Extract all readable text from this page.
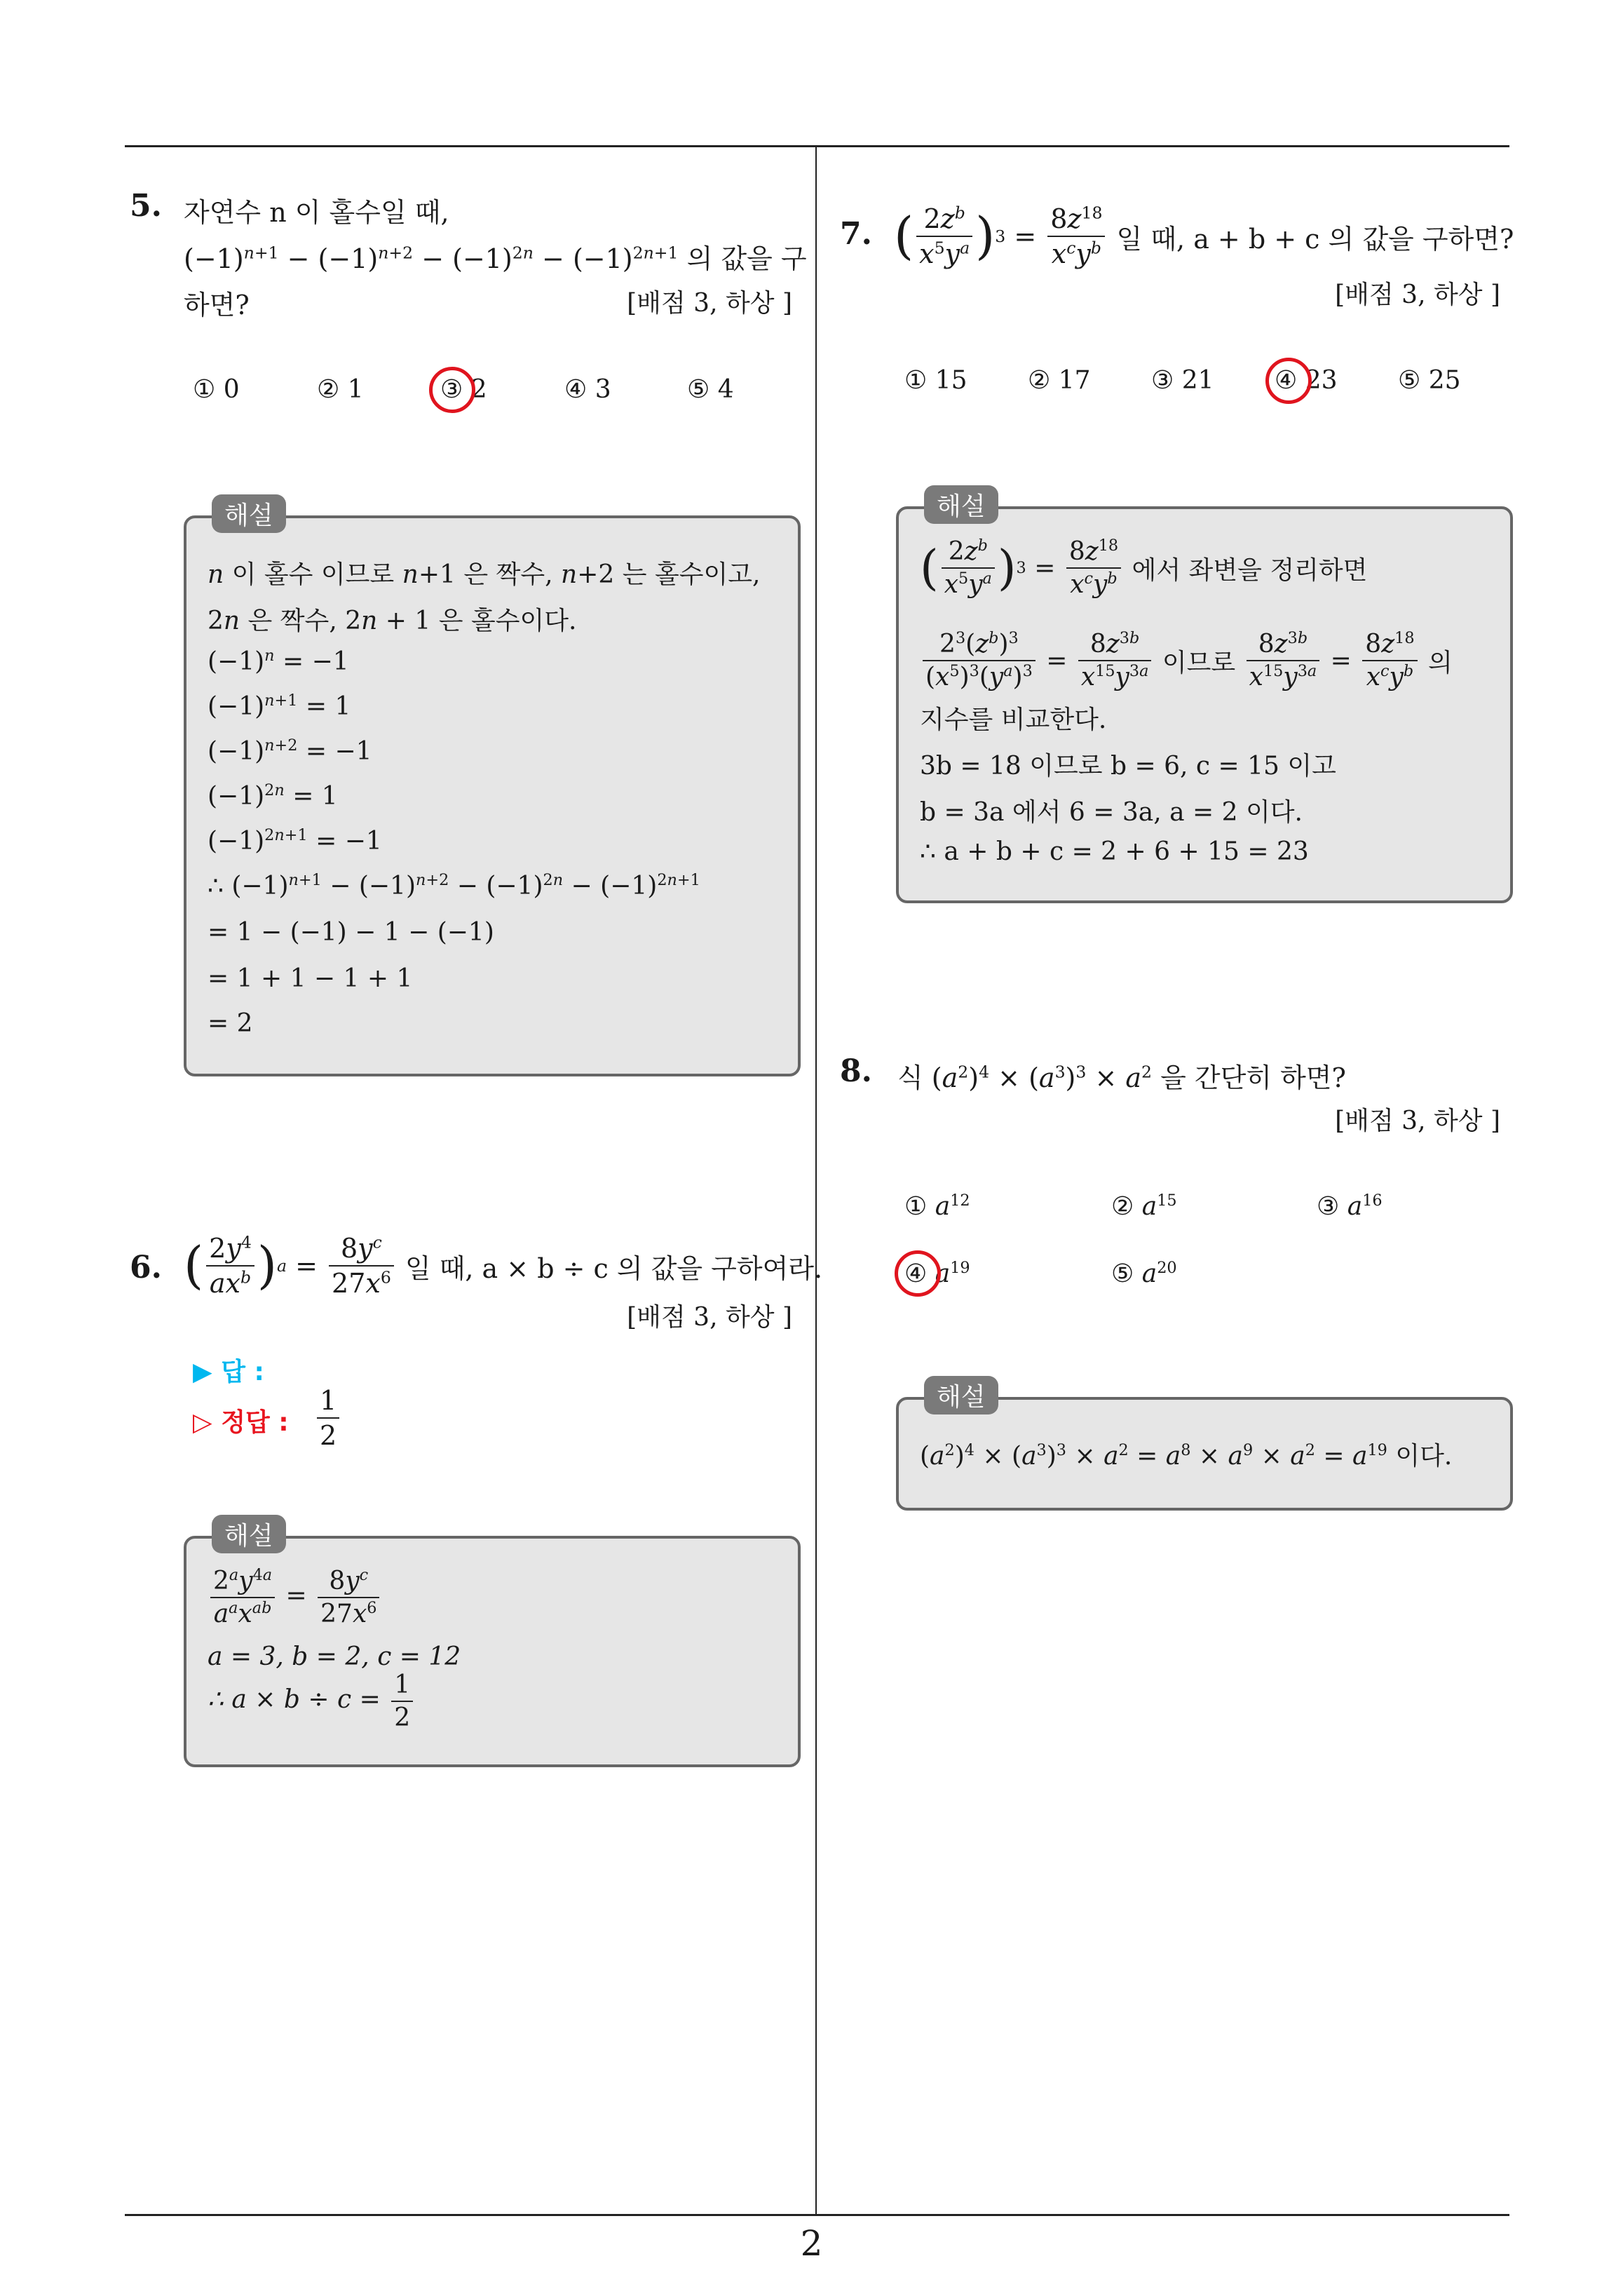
2
5. 자연수 n 이 홀수일 때,
$(-1)^{n+1} - (-1)^{n+2} - (-1)^{2n} - (-1)^{2n+1}$ 의 값을 구
하면?	[배점 3, 하상 ]
① 0	② 1	③ 2	④ 3	⑤ 4
n 이 홀수 이므로 n+1 은 짝수, n+2 는 홀수이고,
2n 은 짝수, 2n + 1 은 홀수이다.
$(-1)^n = -1$
$(-1)^{n+1} = 1$
$(-1)^{n+2} = -1$
$(-1)^{2n} = 1$
$(-1)^{2n+1} = -1$
∴ $(-1)^{n+1} - (-1)^{n+2} - (-1)^{2n} - (-1)^{2n+1}$
= 1 − (−1) − 1 − (−1)
= 1 + 1 − 1 + 1
= 2
해설
6. ( $\frac{2y^4}{ax^b}$ ) $a = \frac{8y^c}{27x^6}$
일 때, a × b ÷ c 의 값을 구하여라.
[배점 3, 하상 ]
▶ 답 :
▷ 정답 : $\frac{1}{2}$
$\frac{2^ay^{4a}}{a^ax^{ab}} = \frac{8y^c}{27x^6}$
a = 3, b = 2, c = 12
∴ $a \times b \div c = \frac{1}{2}$
해설
7. ( $\frac{2z^b}{x^5y^a}$ ) $3 = \frac{8z^{18}}{x^cy^b}$
일 때, a + b + c 의 값을 구하면?
[배점 3, 하상 ]
① 15 ② 17 ③ 21 ④ 23 ⑤ 25
( $\frac{2z^b}{x^5y^a}$ ) $3 = \frac{8z^{18}}{x^cy^b}$
에서 좌변을 정리하면
$\frac{2^3(z^b)^3}{(x^5)^3(y^a)^3} = \frac{8z^{3b}}{x^{15}y^{3a}}$
이므로
$\frac{8z^{3b}}{x^{15}y^{3a}} = \frac{8z^{18}}{x^cy^b}$
의
지수를 비교한다.
3b = 18 이므로 b = 6, c = 15 이고
b = 3a 에서 6 = 3a, a = 2 이다.
∴ a + b + c = 2 + 6 + 15 = 23
해설
8. 식 $(a^2)^4 \times (a^3)^3 \times a^2$ 을 간단히 하면?
[배점 3, 하상 ]
① $a^{12}$	② $a^{15}$	③ $a^{16}$
④ $a^{19}$	⑤ $a^{20}$
$(a^2)^4 \times (a^3)^3 \times a^2 = a^8 \times a^9 \times a^2 = a^{19}$ 이다.
해설
